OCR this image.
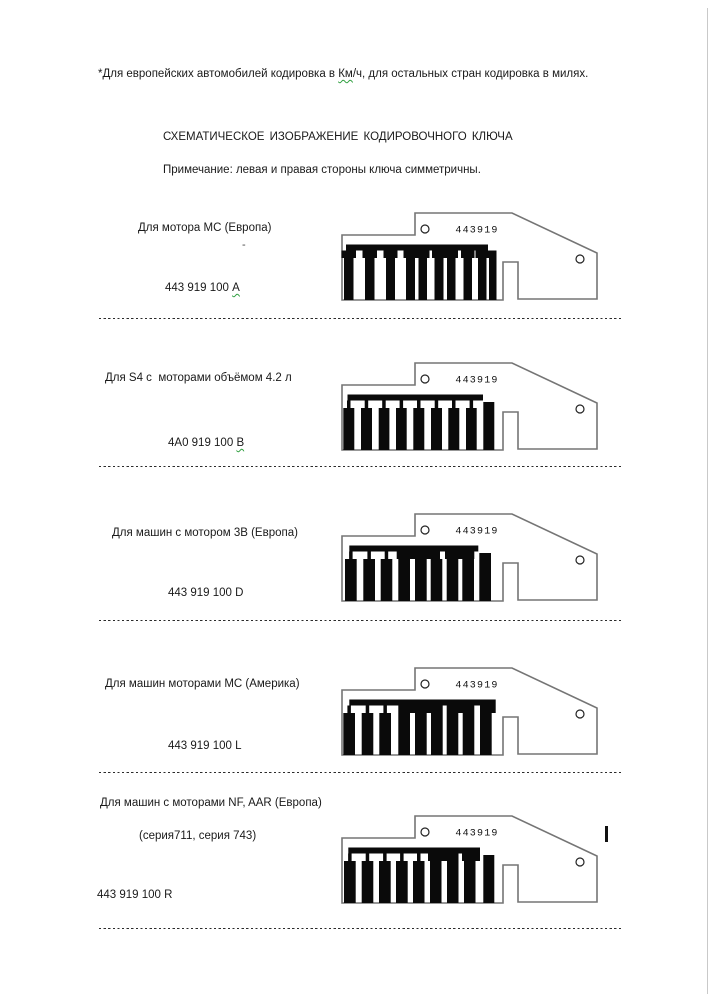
*Для европейских автомобилей кодировка в Км/ч, для остальных стран кодировка в милях.
СХЕМАТИЧЕСКОЕ ИЗОБРАЖЕНИЕ КОДИРОВОЧНОГО КЛЮЧА
Примечание: левая и правая стороны ключа симметричны.
Для мотора МС (Европа)
-
443 919 100 А
443919
Для S4 с  моторами объёмом 4.2 л
4А0 919 100 В
443919
Для машин с мотором 3В (Европа)
443 919 100 D
443919
Для машин моторами МС (Америка)
443 919 100 L
443919
Для машин с моторами NF, AAR (Европа)
(серия711, серия 743)
443 919 100 R
443919
